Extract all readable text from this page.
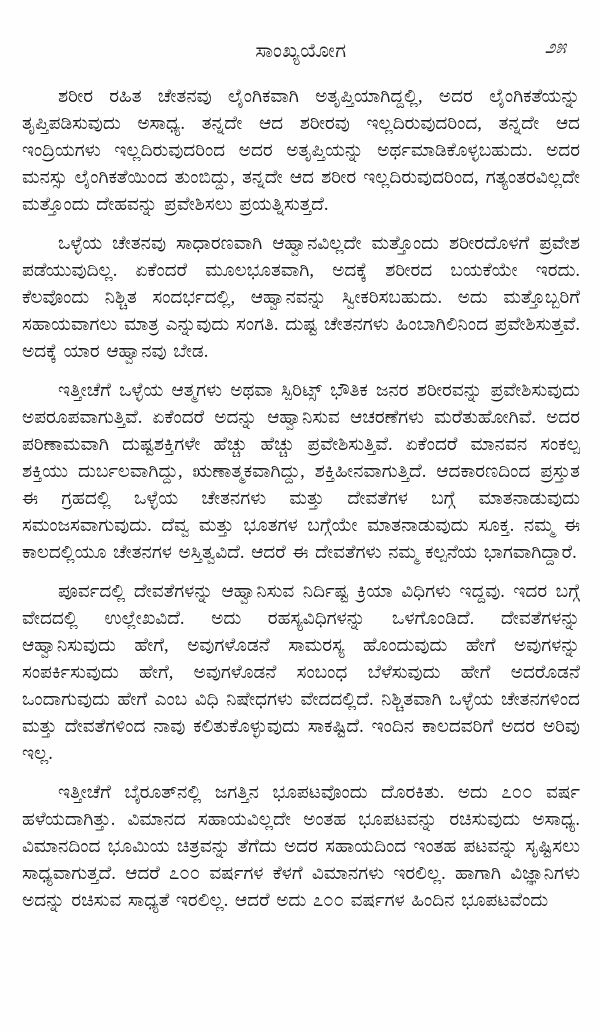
ಸಾಂಖ್ಯಯೋಗ	೨೫

ಶರೀರ ರಹಿತ ಚೇತನವು ಲೈಂಗಿಕವಾಗಿ ಅತೃಪ್ತಿಯಾಗಿದ್ದಲ್ಲಿ, ಅದರ ಲೈಂಗಿಕತೆಯನ್ನು ತೃಪ್ತಿಪಡಿಸುವುದು ಅಸಾಧ್ಯ. ತನ್ನದೇ ಆದ ಶರೀರವು ಇಲ್ಲದಿರುವುದರಿಂದ, ತನ್ನದೇ ಆದ ಇಂದ್ರಿಯಗಳು ಇಲ್ಲದಿರುವುದರಿಂದ ಅದರ ಅತೃಪ್ತಿಯನ್ನು ಅರ್ಥಮಾಡಿಕೊಳ್ಳಬಹುದು. ಅದರ ಮನಸ್ಸು ಲೈಂಗಿಕತೆಯಿಂದ ತುಂಬಿದ್ದು, ತನ್ನದೇ ಆದ ಶರೀರ ಇಲ್ಲದಿರುವುದರಿಂದ, ಗತ್ಯಂತರವಿಲ್ಲದೇ ಮತ್ತೊಂದು ದೇಹವನ್ನು ಪ್ರವೇಶಿಸಲು ಪ್ರಯತ್ನಿಸುತ್ತದೆ.

ಒಳ್ಳೆಯ ಚೇತನವು ಸಾಧಾರಣವಾಗಿ ಆಹ್ವಾನವಿಲ್ಲದೇ ಮತ್ತೊಂದು ಶರೀರದೊಳಗೆ ಪ್ರವೇಶ ಪಡೆಯುವುದಿಲ್ಲ. ಏಕೆಂದರೆ ಮೂಲಭೂತವಾಗಿ, ಅದಕ್ಕೆ ಶರೀರದ ಬಯಕೆಯೇ ಇರದು. ಕೆಲವೊಂದು ನಿಶ್ಚಿತ ಸಂದರ್ಭದಲ್ಲಿ, ಆಹ್ವಾನವನ್ನು ಸ್ವೀಕರಿಸಬಹುದು. ಅದು ಮತ್ತೊಬ್ಬರಿಗೆ ಸಹಾಯವಾಗಲು ಮಾತ್ರ ಎನ್ನುವುದು ಸಂಗತಿ. ದುಷ್ಟ ಚೇತನಗಳು ಹಿಂಬಾಗಿಲಿನಿಂದ ಪ್ರವೇಶಿಸುತ್ತವೆ. ಅದಕ್ಕೆ ಯಾರ ಆಹ್ವಾನವು ಬೇಡ.

ಇತ್ತೀಚೆಗೆ ಒಳ್ಳೆಯ ಆತ್ಮಗಳು ಅಥವಾ ಸ್ಪಿರಿಟ್ಸ್ ಭೌತಿಕ ಜನರ ಶರೀರವನ್ನು ಪ್ರವೇಶಿಸುವುದು ಅಪರೂಪವಾಗುತ್ತಿವೆ. ಏಕೆಂದರೆ ಅದನ್ನು ಆಹ್ವಾನಿಸುವ ಆಚರಣೆಗಳು ಮರೆತುಹೋಗಿವೆ. ಅದರ ಪರಿಣಾಮವಾಗಿ ದುಷ್ಟಶಕ್ತಿಗಳೇ ಹೆಚ್ಚು ಹೆಚ್ಚು ಪ್ರವೇಶಿಸುತ್ತಿವೆ. ಏಕೆಂದರೆ ಮಾನವನ ಸಂಕಲ್ಪ ಶಕ್ತಿಯು ದುರ್ಬಲವಾಗಿದ್ದು, ಋಣಾತ್ಮಕವಾಗಿದ್ದು, ಶಕ್ತಿಹೀನವಾಗುತ್ತಿದೆ. ಆದಕಾರಣದಿಂದ ಪ್ರಸ್ತುತ ಈ ಗ್ರಹದಲ್ಲಿ ಒಳ್ಳೆಯ ಚೇತನಗಳು ಮತ್ತು ದೇವತೆಗಳ ಬಗ್ಗೆ ಮಾತನಾಡುವುದು ಸಮಂಜಸವಾಗುವುದು. ದೆವ್ವ ಮತ್ತು ಭೂತಗಳ ಬಗ್ಗೆಯೇ ಮಾತನಾಡುವುದು ಸೂಕ್ತ. ನಮ್ಮ ಈ ಕಾಲದಲ್ಲಿಯೂ ಚೇತನಗಳ ಅಸ್ತಿತ್ವವಿದೆ. ಆದರೆ ಈ ದೇವತೆಗಳು ನಮ್ಮ ಕಲ್ಪನೆಯ ಭಾಗವಾಗಿದ್ದಾರೆ.

ಪೂರ್ವದಲ್ಲಿ ದೇವತೆಗಳನ್ನು ಆಹ್ವಾನಿಸುವ ನಿರ್ದಿಷ್ಟ ಕ್ರಿಯಾ ವಿಧಿಗಳು ಇದ್ದವು. ಇದರ ಬಗ್ಗೆ ವೇದದಲ್ಲಿ ಉಲ್ಲೇಖವಿದೆ. ಅದು ರಹಸ್ಯವಿಧಿಗಳನ್ನು ಒಳಗೊಂಡಿದೆ. ದೇವತೆಗಳನ್ನು ಆಹ್ವಾನಿಸುವುದು ಹೇಗೆ, ಅವುಗಳೊಡನೆ ಸಾಮರಸ್ಯ ಹೊಂದುವುದು ಹೇಗೆ ಅವುಗಳನ್ನು ಸಂಪರ್ಕಿಸುವುದು ಹೇಗೆ, ಅವುಗಳೊಡನೆ ಸಂಬಂಧ ಬೆಳೆಸುವುದು ಹೇಗೆ ಅದರೊಡನೆ ಒಂದಾಗುವುದು ಹೇಗೆ ಎಂಬ ವಿಧಿ ನಿಷೇಧಗಳು ವೇದದಲ್ಲಿದೆ. ನಿಶ್ಚಿತವಾಗಿ ಒಳ್ಳೆಯ ಚೇತನಗಳಿಂದ ಮತ್ತು ದೇವತೆಗಳಿಂದ ನಾವು ಕಲಿತುಕೊಳ್ಳುವುದು ಸಾಕಷ್ಟಿದೆ. ಇಂದಿನ ಕಾಲದವರಿಗೆ ಅದರ ಅರಿವು ಇಲ್ಲ.

ಇತ್ತೀಚೆಗೆ ಬೈರೂತ್‌ನಲ್ಲಿ ಜಗತ್ತಿನ ಭೂಪಟವೊಂದು ದೊರಕಿತು. ಅದು ೭೦೦ ವರ್ಷ ಹಳೆಯದಾಗಿತ್ತು. ವಿಮಾನದ ಸಹಾಯವಿಲ್ಲದೇ ಅಂತಹ ಭೂಪಟವನ್ನು ರಚಿಸುವುದು ಅಸಾಧ್ಯ. ವಿಮಾನದಿಂದ ಭೂಮಿಯ ಚಿತ್ರವನ್ನು ತೆಗೆದು ಅದರ ಸಹಾಯದಿಂದ ಇಂತಹ ಪಟವನ್ನು ಸೃಷ್ಟಿಸಲು ಸಾಧ್ಯವಾಗುತ್ತದೆ. ಆದರೆ ೭೦೦ ವರ್ಷಗಳ ಕೆಳಗೆ ವಿಮಾನಗಳು ಇರಲಿಲ್ಲ. ಹಾಗಾಗಿ ವಿಜ್ಞಾನಿಗಳು ಅದನ್ನು ರಚಿಸುವ ಸಾಧ್ಯತೆ ಇರಲಿಲ್ಲ. ಆದರೆ ಅದು ೭೦೦ ವರ್ಷಗಳ ಹಿಂದಿನ ಭೂಪಟವೆಂದು
